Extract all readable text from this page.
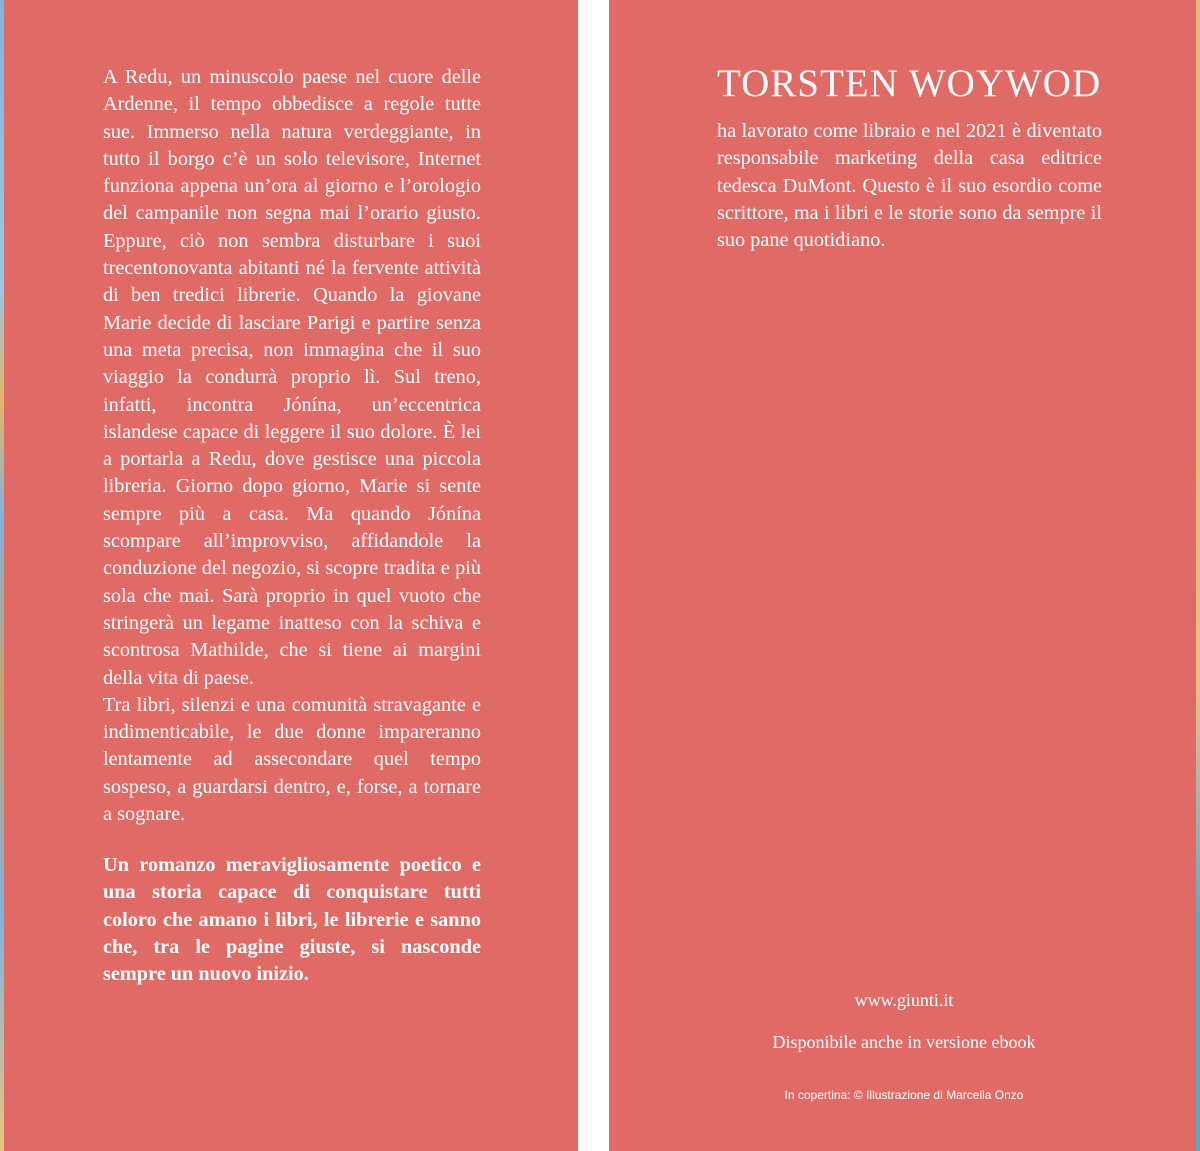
A Redu, un minuscolo paese nel cuore delle Ardenne, il tempo obbedisce a regole tutte sue. Immerso nella natura verdeggiante, in tutto il borgo c’è un solo televisore, Internet funziona appena un’ora al giorno e l’orologio del campanile non segna mai l’orario giusto. Eppure, ciò non sembra disturbare i suoi trecentonovanta abitanti né la fervente attività di ben tredici librerie. Quando la giovane Marie decide di lasciare Parigi e partire senza una meta precisa, non immagina che il suo viaggio la condurrà proprio lì. Sul treno, infatti, incontra Jónína, un’eccentrica islandese capace di leggere il suo dolore. È lei a portarla a Redu, dove gestisce una piccola libreria. Giorno dopo giorno, Marie si sente sempre più a casa. Ma quando Jónína scompare all’improvviso, affidandole la conduzione del negozio, si scopre tradita e più sola che mai. Sarà proprio in quel vuoto che stringerà un legame inatteso con la schiva e scontrosa Mathilde, che si tiene ai margini della vita di paese.

Tra libri, silenzi e una comunità stravagante e indimenticabile, le due donne impareranno lentamente ad assecondare quel tempo sospeso, a guardarsi dentro, e, forse, a tornare a sognare.

Un romanzo meravigliosamente poetico e una storia capace di conquistare tutti coloro che amano i libri, le librerie e sanno che, tra le pagine giuste, si nasconde sempre un nuovo inizio.
TORSTEN WOYWOD
ha lavorato come libraio e nel 2021 è diventato responsabile marketing della casa editrice tedesca DuMont. Questo è il suo esordio come scrittore, ma i libri e le storie sono da sempre il suo pane quotidiano.
www.giunti.it
Disponibile anche in versione ebook
In copertina: © Illustrazione di Marcella Onzo
